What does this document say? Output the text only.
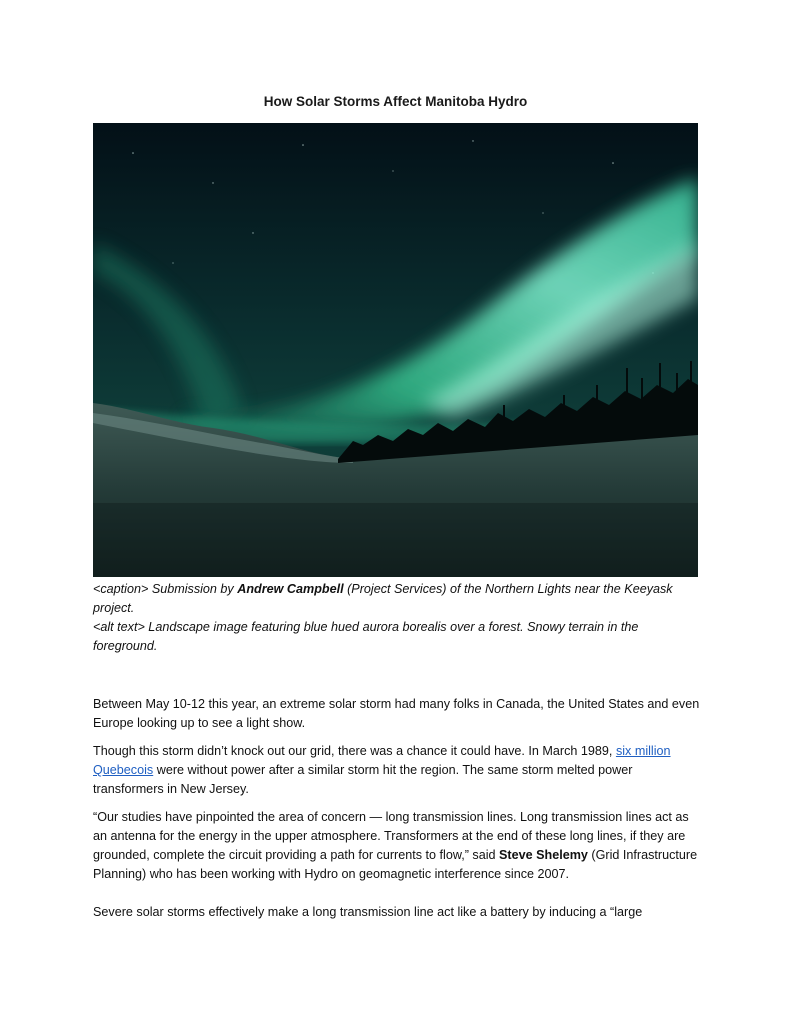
How Solar Storms Affect Manitoba Hydro

<caption> Submission by Andrew Campbell (Project Services) of the Northern Lights near the Keeyask project.

<alt text> Landscape image featuring blue hued aurora borealis over a forest. Snowy terrain in the foreground.

Between May 10-12 this year, an extreme solar storm had many folks in Canada, the United States and even Europe looking up to see a light show.

Though this storm didn’t knock out our grid, there was a chance it could have. In March 1989, six million Quebecois were without power after a similar storm hit the region. The same storm melted power transformers in New Jersey.

“Our studies have pinpointed the area of concern — long transmission lines. Long transmission lines act as an antenna for the energy in the upper atmosphere. Transformers at the end of these long lines, if they are grounded, complete the circuit providing a path for currents to flow,” said Steve Shelemy (Grid Infrastructure Planning) who has been working with Hydro on geomagnetic interference since 2007.

Severe solar storms effectively make a long transmission line act like a battery by inducing a “large
